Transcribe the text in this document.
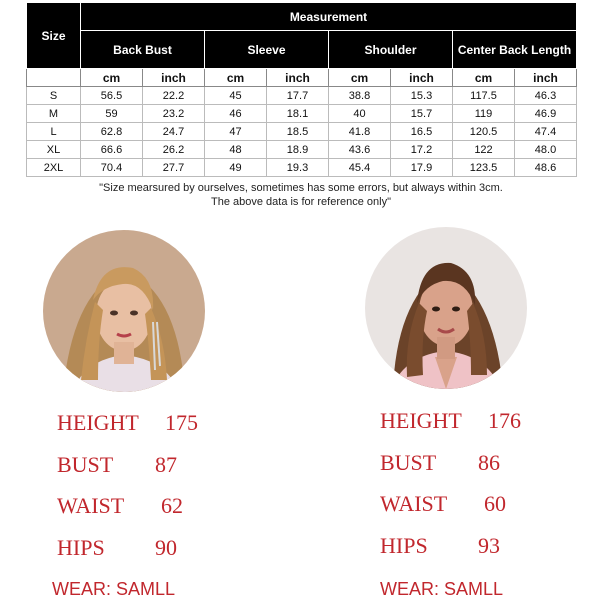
Size	Measurement							
	Back Bust		Sleeve		Shoulder		Center Back Length	
	cm	inch	cm	inch	cm	inch	cm	inch
S	56.5	22.2	45	17.7	38.8	15.3	117.5	46.3
M	59	23.2	46	18.1	40	15.7	119	46.9
L	62.8	24.7	47	18.5	41.8	16.5	120.5	47.4
XL	66.6	26.2	48	18.9	43.6	17.2	122	48.0
2XL	70.4	27.7	49	19.3	45.4	17.9	123.5	48.6
"Size mearsured by ourselves, sometimes has some errors, but always within 3cm.
The above data is for reference only"
HEIGHT 175
BUST 87
WAIST 62
HIPS 90
WEAR: SAMLL
HEIGHT 176
BUST 86
WAIST 60
HIPS 93
WEAR: SAMLL
